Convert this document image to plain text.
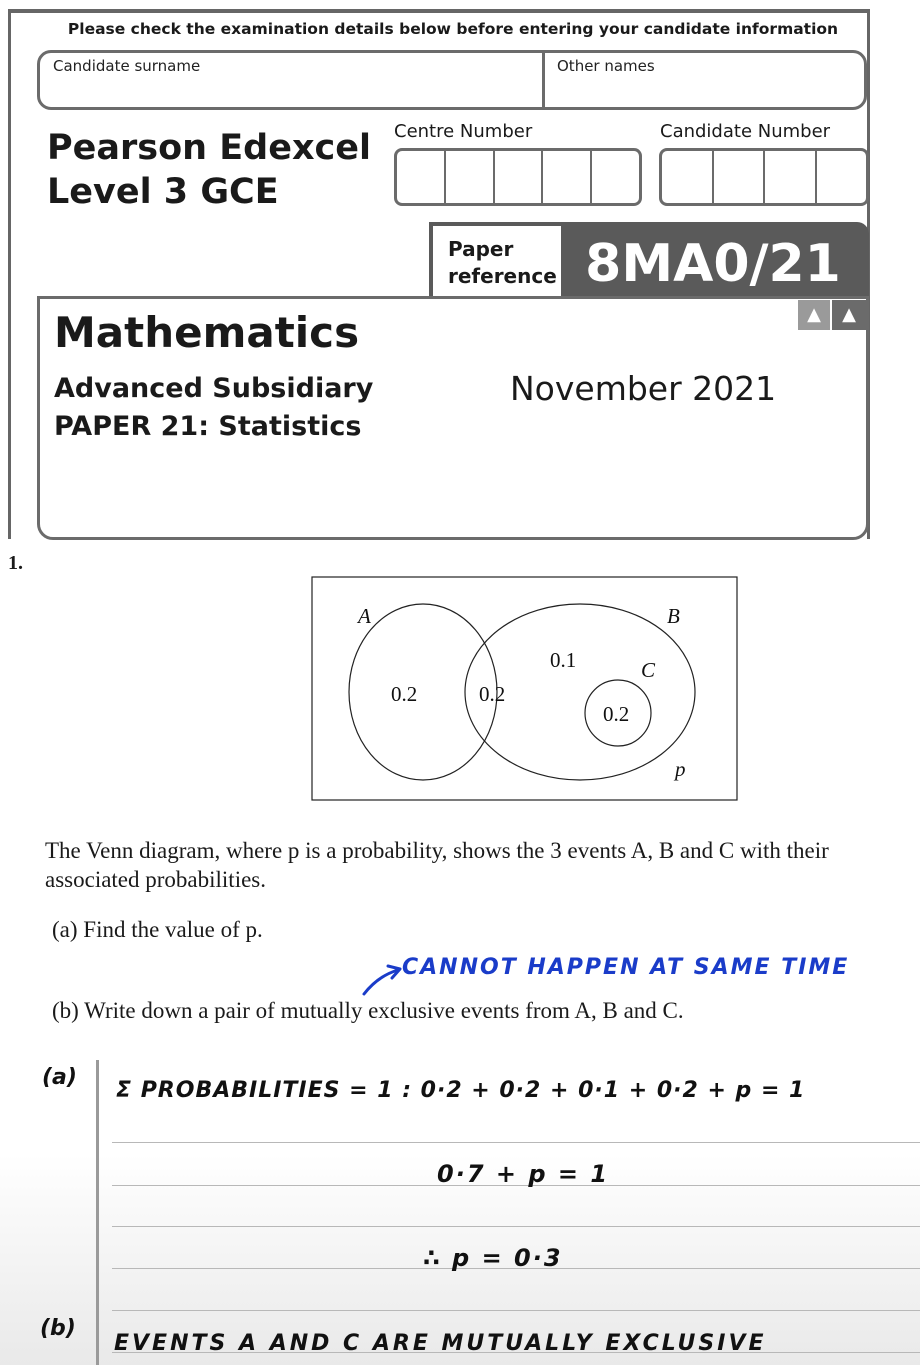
Please check the examination details below before entering your candidate information
Candidate surname	Other names
Pearson Edexcel
Level 3 GCE
Centre Number	Candidate Number
Paper
reference 8MA0/21
▲	▲
Mathematics
Advanced Subsidiary
PAPER 21: Statistics
November 2021
1.
A	B
C
0.2	0.2
0.1
0.2
p
The Venn diagram, where p is a probability, shows the 3 events A, B and C with their
associated probabilities.
(a) Find the value of p.
CANNOT HAPPEN AT SAME TIME
(b) Write down a pair of mutually exclusive events from A, B and C.
(a)
Σ PROBABILITIES = 1 : 0·2 + 0·2 + 0·1 + 0·2 + p = 1
0·7 + p = 1
∴ p = 0·3
(b)
EVENTS A AND C ARE MUTUALLY EXCLUSIVE
